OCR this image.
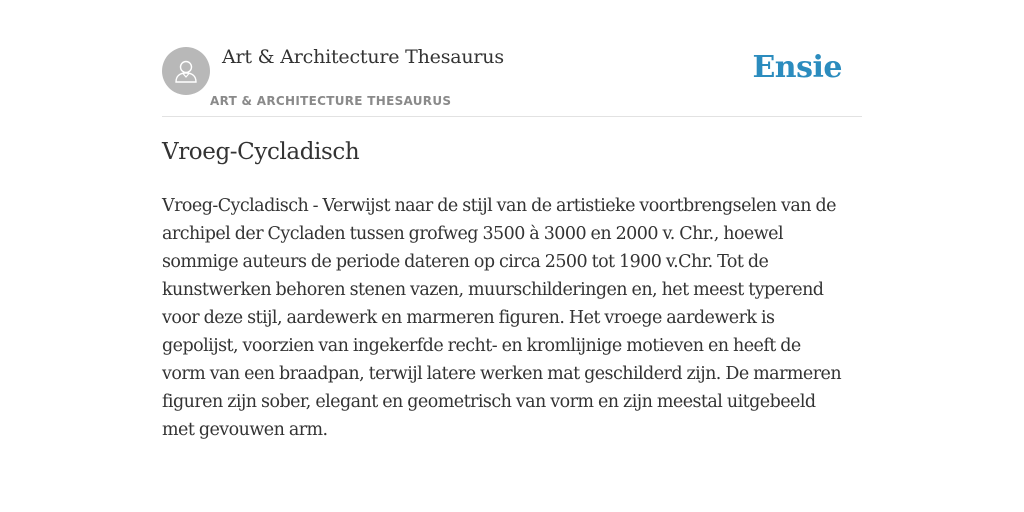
Art & Architecture Thesaurus
ART & ARCHITECTURE THESAURUS
Ensie
Vroeg-Cycladisch

Vroeg-Cycladisch - Verwijst naar de stijl van de artistieke voortbrengselen van de
archipel der Cycladen tussen grofweg 3500 à 3000 en 2000 v. Chr., hoewel
sommige auteurs de periode dateren op circa 2500 tot 1900 v.Chr. Tot de
kunstwerken behoren stenen vazen, muurschilderingen en, het meest typerend
voor deze stijl, aardewerk en marmeren figuren. Het vroege aardewerk is
gepolijst, voorzien van ingekerfde recht- en kromlijnige motieven en heeft de
vorm van een braadpan, terwijl latere werken mat geschilderd zijn. De marmeren
figuren zijn sober, elegant en geometrisch van vorm en zijn meestal uitgebeeld
met gevouwen arm.
